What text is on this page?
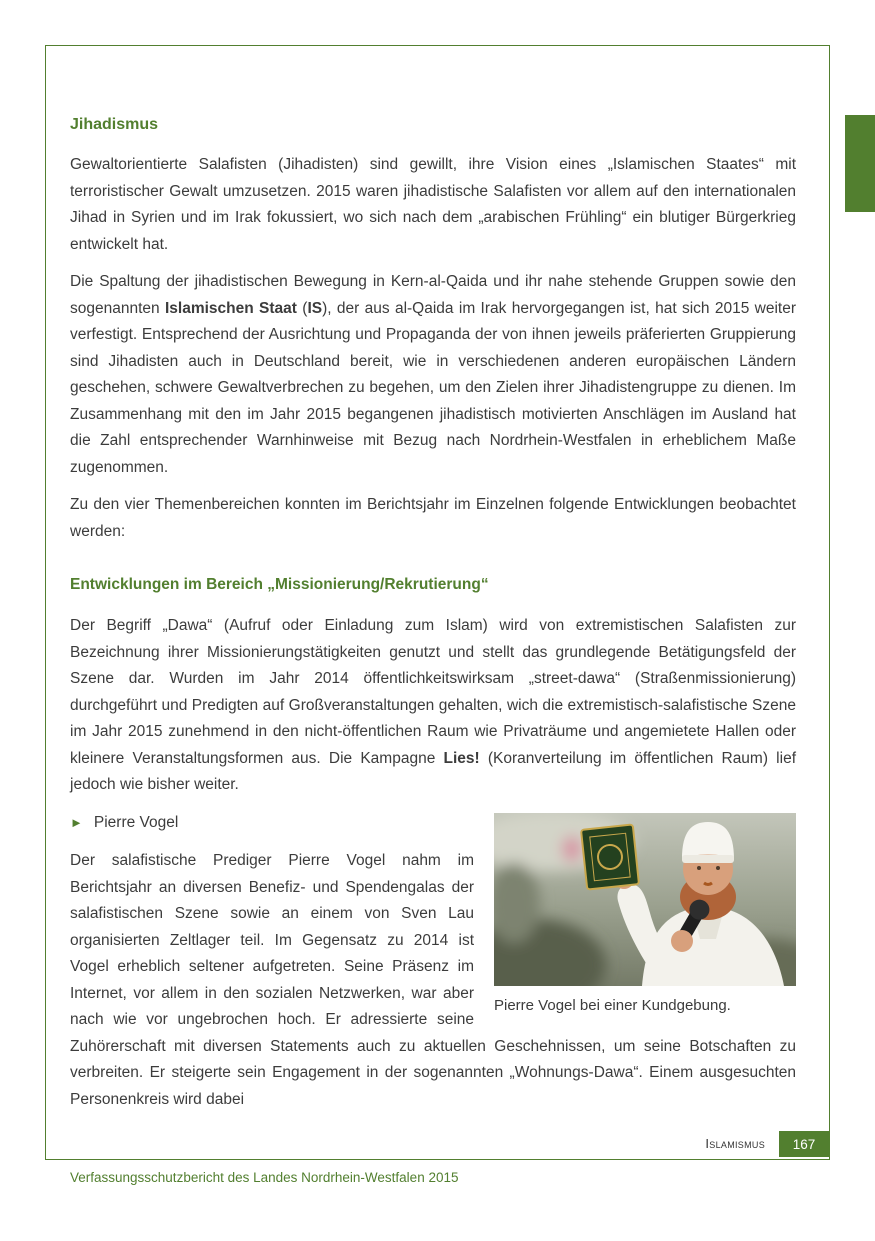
Islamismus 167
Jihadismus

Gewaltorientierte Salafisten (Jihadisten) sind gewillt, ihre Vision eines „Islamischen Staates“ mit terroristischer Gewalt umzusetzen. 2015 waren jihadistische Salafisten vor allem auf den internationalen Jihad in Syrien und im Irak fokussiert, wo sich nach dem „arabischen Frühling“ ein blutiger Bürgerkrieg entwickelt hat.

Die Spaltung der jihadistischen Bewegung in Kern-al-Qaida und ihr nahe stehende Gruppen sowie den sogenannten Islamischen Staat (IS), der aus al-Qaida im Irak hervorgegangen ist, hat sich 2015 weiter verfestigt. Entsprechend der Ausrichtung und Propaganda der von ihnen jeweils präferierten Gruppierung sind Jihadisten auch in Deutschland bereit, wie in verschiedenen anderen europäischen Ländern geschehen, schwere Gewaltverbrechen zu begehen, um den Zielen ihrer Jihadistengruppe zu dienen. Im Zusammenhang mit den im Jahr 2015 begangenen jihadistisch motivierten Anschlägen im Ausland hat die Zahl entsprechender Warnhinweise mit Bezug nach Nordrhein-Westfalen in erheblichem Maße zugenommen.

Zu den vier Themenbereichen konnten im Berichtsjahr im Einzelnen folgende Entwicklungen beobachtet werden:

Entwicklungen im Bereich „Missionierung/Rekrutierung“

Der Begriff „Dawa“ (Aufruf oder Einladung zum Islam) wird von extremistischen Salafisten zur Bezeichnung ihrer Missionierungstätigkeiten genutzt und stellt das grundlegende Betätigungsfeld der Szene dar. Wurden im Jahr 2014 öffentlichkeitswirksam „street-dawa“ (Straßenmissionierung) durchgeführt und Predigten auf Großveranstaltungen gehalten, wich die extremistisch-salafistische Szene im Jahr 2015 zunehmend in den nicht-öffentlichen Raum wie Privaträume und angemietete Hallen oder kleinere Veranstaltungsformen aus. Die Kampagne Lies! (Koranverteilung im öffentlichen Raum) lief jedoch wie bisher weiter.

Pierre Vogel bei einer Kundgebung.
► Pierre Vogel

Der salafistische Prediger Pierre Vogel nahm im Berichtsjahr an diversen Benefiz- und Spendengalas der salafistischen Szene sowie an einem von Sven Lau organisierten Zeltlager teil. Im Gegensatz zu 2014 ist Vogel erheblich seltener aufgetreten. Seine Präsenz im Internet, vor allem in den sozialen Netzwerken, war aber nach wie vor ungebrochen hoch. Er adressierte seine Zuhörerschaft mit diversen Statements auch zu aktuellen Geschehnissen, um seine Botschaften zu verbreiten. Er steigerte sein Engagement in der sogenannten „Wohnungs-Dawa“. Einem ausgesuchten Personenkreis wird dabei

Verfassungsschutzbericht des Landes Nordrhein-Westfalen 2015
